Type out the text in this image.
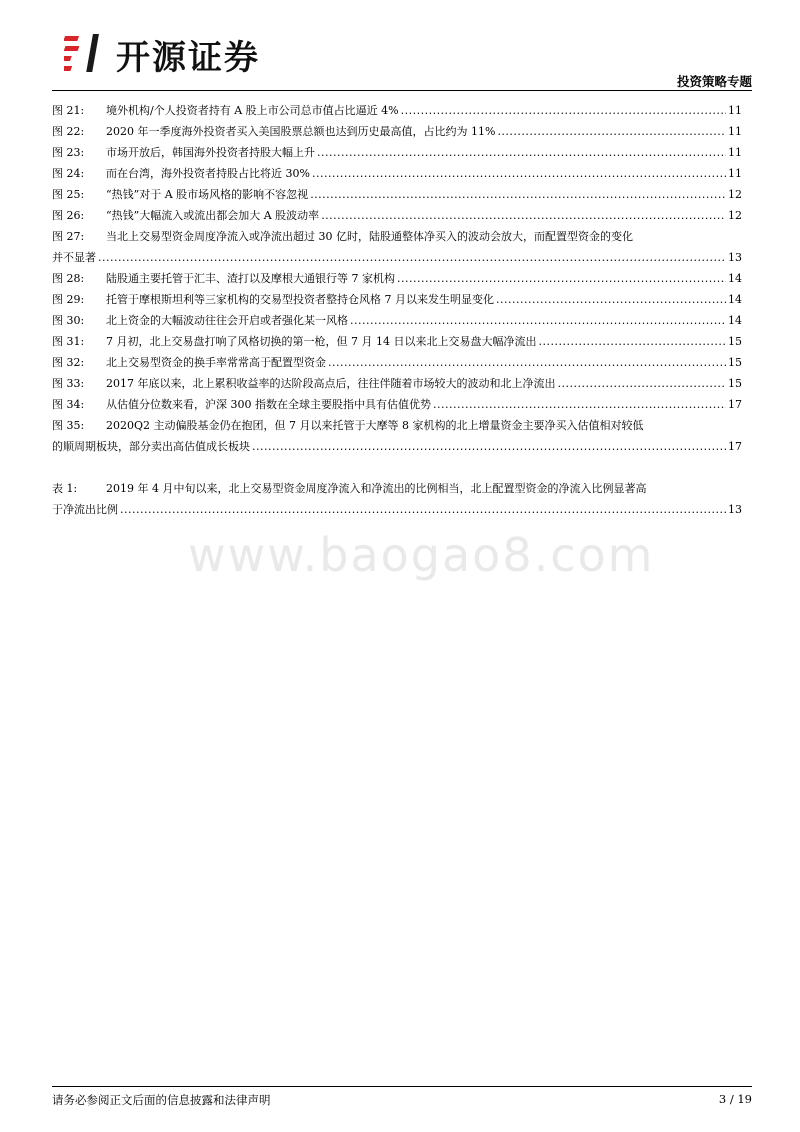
开源证券
投资策略专题
图 21:	境外机构/个人投资者持有 A 股上市公司总市值占比逼近 4% .....	11
图 22:	2020 年一季度海外投资者买入美国股票总额也达到历史最高值，占比约为 11% .....	11
图 23:	市场开放后，韩国海外投资者持股大幅上升 .....	11
图 24:	而在台湾，海外投资者持股占比将近 30% .....	11
图 25:	“热钱”对于 A 股市场风格的影响不容忽视 .....	12
图 26:	“热钱”大幅流入或流出都会加大 A 股波动率 .....	12
图 27:	当北上交易型资金周度净流入或净流出超过 30 亿时，陆股通整体净买入的波动会放大，而配置型资金的变化
并不显著 .....	13
图 28:	陆股通主要托管于汇丰、渣打以及摩根大通银行等 7 家机构 .....	14
图 29:	托管于摩根斯坦利等三家机构的交易型投资者整持仓风格 7 月以来发生明显变化 .....	14
图 30:	北上资金的大幅波动往往会开启或者强化某一风格 .....	14
图 31:	7 月初，北上交易盘打响了风格切换的第一枪，但 7 月 14 日以来北上交易盘大幅净流出 .....	15
图 32:	北上交易型资金的换手率常常高于配置型资金 .....	15
图 33:	2017 年底以来，北上累积收益率的达阶段高点后，往往伴随着市场较大的波动和北上净流出 .....	15
图 34:	从估值分位数来看，沪深 300 指数在全球主要股指中具有估值优势 .....	17
图 35:	2020Q2 主动偏股基金仍在抱团，但 7 月以来托管于大摩等 8 家机构的北上增量资金主要净买入估值相对较低
的顺周期板块，部分卖出高估值成长板块 .....	17
表 1:	2019 年 4 月中旬以来，北上交易型资金周度净流入和净流出的比例相当，北上配置型资金的净流入比例显著高
于净流出比例 .....	13
www.baogao8.com
请务必参阅正文后面的信息披露和法律声明	3 / 19
